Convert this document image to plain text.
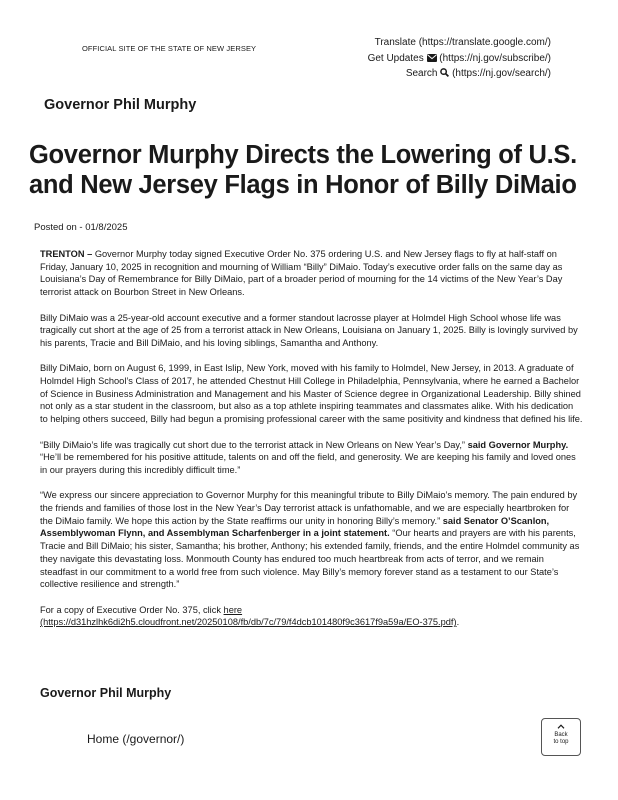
OFFICIAL SITE OF THE STATE OF NEW JERSEY
Translate (https://translate.google.com/)
Get Updates (https://nj.gov/subscribe/)
Search (https://nj.gov/search/)
Governor Phil Murphy
Governor Murphy Directs the Lowering of U.S. and New Jersey Flags in Honor of Billy DiMaio
Posted on - 01/8/2025

TRENTON – Governor Murphy today signed Executive Order No. 375 ordering U.S. and New Jersey flags to fly at half-staff on Friday, January 10, 2025 in recognition and mourning of William “Billy” DiMaio. Today’s executive order falls on the same day as Louisiana’s Day of Remembrance for Billy DiMaio, part of a broader period of mourning for the 14 victims of the New Year’s Day terrorist attack on Bourbon Street in New Orleans.

Billy DiMaio was a 25-year-old account executive and a former standout lacrosse player at Holmdel High School whose life was tragically cut short at the age of 25 from a terrorist attack in New Orleans, Louisiana on January 1, 2025. Billy is lovingly survived by his parents, Tracie and Bill DiMaio, and his loving siblings, Samantha and Anthony.

Billy DiMaio, born on August 6, 1999, in East Islip, New York, moved with his family to Holmdel, New Jersey, in 2013. A graduate of Holmdel High School’s Class of 2017, he attended Chestnut Hill College in Philadelphia, Pennsylvania, where he earned a Bachelor of Science in Business Administration and Management and his Master of Science degree in Organizational Leadership. Billy shined not only as a star student in the classroom, but also as a top athlete inspiring teammates and classmates alike. With his dedication to helping others succeed, Billy had begun a promising professional career with the same positivity and kindness that defined his life.

“Billy DiMaio’s life was tragically cut short due to the terrorist attack in New Orleans on New Year’s Day,” said Governor Murphy. “He’ll be remembered for his positive attitude, talents on and off the field, and generosity. We are keeping his family and loved ones in our prayers during this incredibly difficult time.”

“We express our sincere appreciation to Governor Murphy for this meaningful tribute to Billy DiMaio’s memory. The pain endured by the friends and families of those lost in the New Year’s Day terrorist attack is unfathomable, and we are especially heartbroken for the DiMaio family. We hope this action by the State reaffirms our unity in honoring Billy’s memory.” said Senator O’Scanlon, Assemblywoman Flynn, and Assemblyman Scharfenberger in a joint statement. “Our hearts and prayers are with his parents, Tracie and Bill DiMaio; his sister, Samantha; his brother, Anthony; his extended family, friends, and the entire Holmdel community as they navigate this devastating loss. Monmouth County has endured too much heartbreak from acts of terror, and we remain steadfast in our commitment to a world free from such violence. May Billy’s memory forever stand as a testament to our State’s collective resilience and strength.”

For a copy of Executive Order No. 375, click here (https://d31hzlhk6di2h5.cloudfront.net/20250108/fb/db/7c/79/f4dcb101480f9c3617f9a59a/EO-375.pdf).

Governor Phil Murphy
Home (/governor/)	Back
to top
